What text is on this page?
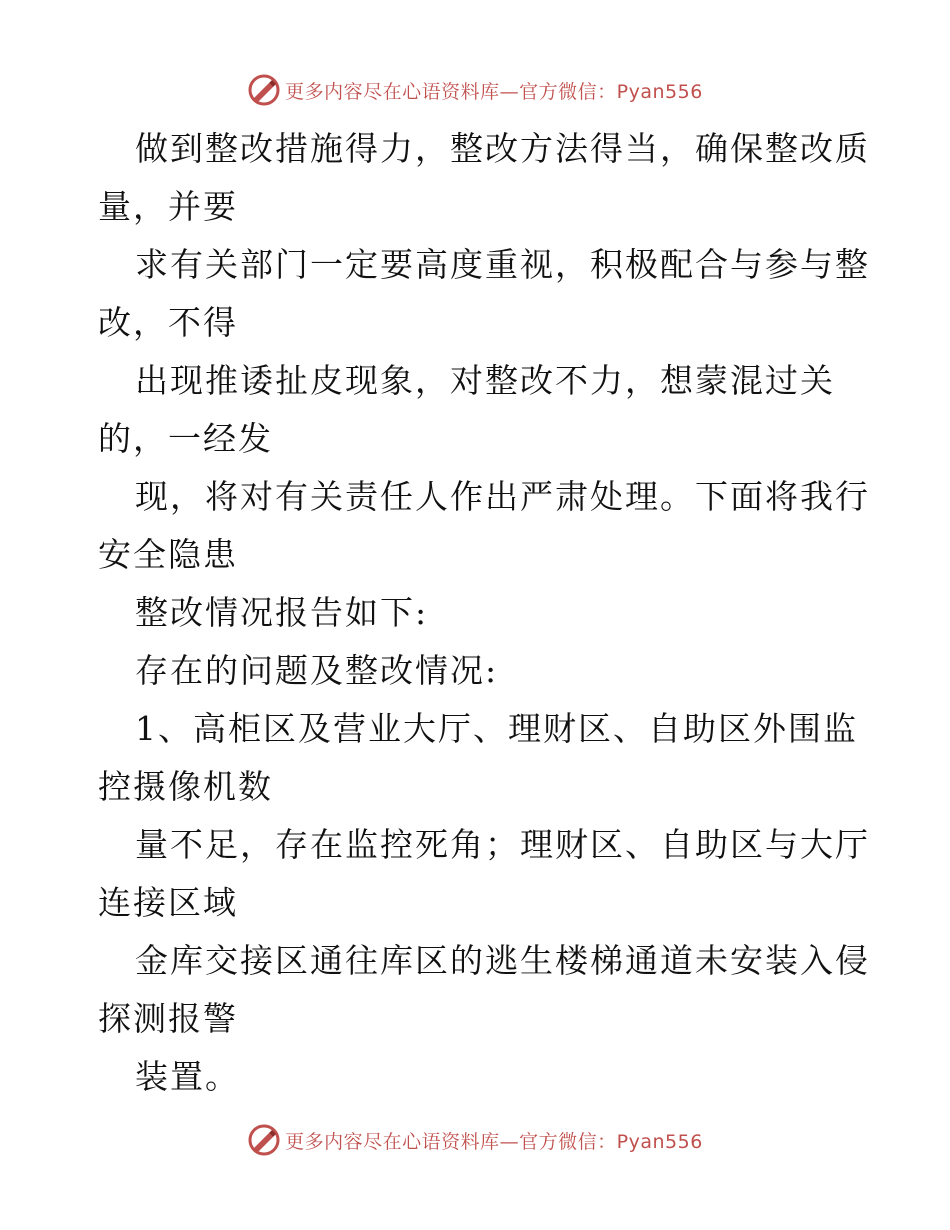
更多内容尽在心语资料库—官方微信：Pyan556
做到整改措施得力，整改方法得当，确保整改质
量，并要
求有关部门一定要高度重视，积极配合与参与整
改，不得
出现推诿扯皮现象，对整改不力，想蒙混过关
的，一经发
现，将对有关责任人作出严肃处理。下面将我行
安全隐患
整改情况报告如下:
存在的问题及整改情况:
1、高柜区及营业大厅、理财区、自助区外围监
控摄像机数
量不足，存在监控死角；理财区、自助区与大厅
连接区域
金库交接区通往库区的逃生楼梯通道未安装入侵
探测报警
装置。
更多内容尽在心语资料库—官方微信：Pyan556
